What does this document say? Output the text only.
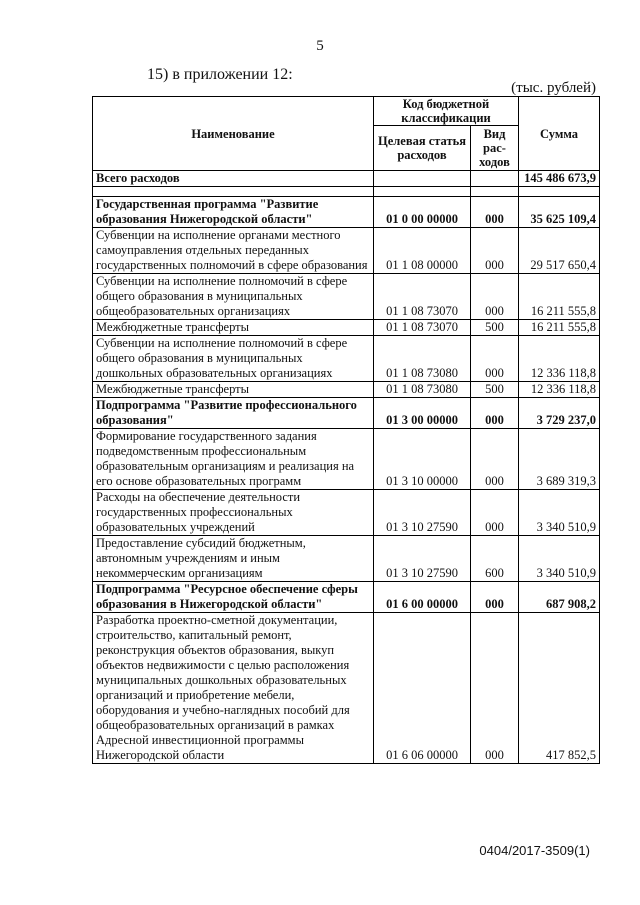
5
15) в приложении 12:
(тыс. рублей)
Наименование	Код бюджетной классификации		Сумма
	Целевая статья расходов	Вид рас-ходов	
Всего расходов			145 486 673,9

Государственная программа "Развитие образования Нижегородской области"	01 0 00 00000	000	35 625 109,4
Субвенции на исполнение органами местного самоуправления отдельных переданных государственных полномочий в сфере образования	01 1 08 00000	000	29 517 650,4
Субвенции на исполнение полномочий в сфере общего образования в муниципальных общеобразовательных организациях	01 1 08 73070	000	16 211 555,8
Межбюджетные трансферты	01 1 08 73070	500	16 211 555,8
Субвенции на исполнение полномочий в сфере общего образования в муниципальных дошкольных образовательных организациях	01 1 08 73080	000	12 336 118,8
Межбюджетные трансферты	01 1 08 73080	500	12 336 118,8
Подпрограмма "Развитие профессионального образования"	01 3 00 00000	000	3 729 237,0
Формирование государственного задания подведомственным профессиональным образовательным организациям и реализация на его основе образовательных программ	01 3 10 00000	000	3 689 319,3
Расходы на обеспечение деятельности государственных профессиональных образовательных учреждений	01 3 10 27590	000	3 340 510,9
Предоставление субсидий бюджетным, автономным учреждениям и иным некоммерческим организациям	01 3 10 27590	600	3 340 510,9
Подпрограмма "Ресурсное обеспечение сферы образования в Нижегородской области"	01 6 00 00000	000	687 908,2
Разработка проектно-сметной документации, строительство, капитальный ремонт, реконструкция объектов образования, выкуп объектов недвижимости с целью расположения муниципальных дошкольных образовательных организаций и приобретение мебели, оборудования и учебно-наглядных пособий для общеобразовательных организаций в рамках Адресной инвестиционной программы Нижегородской области	01 6 06 00000	000	417 852,5
0404/2017-3509(1)
